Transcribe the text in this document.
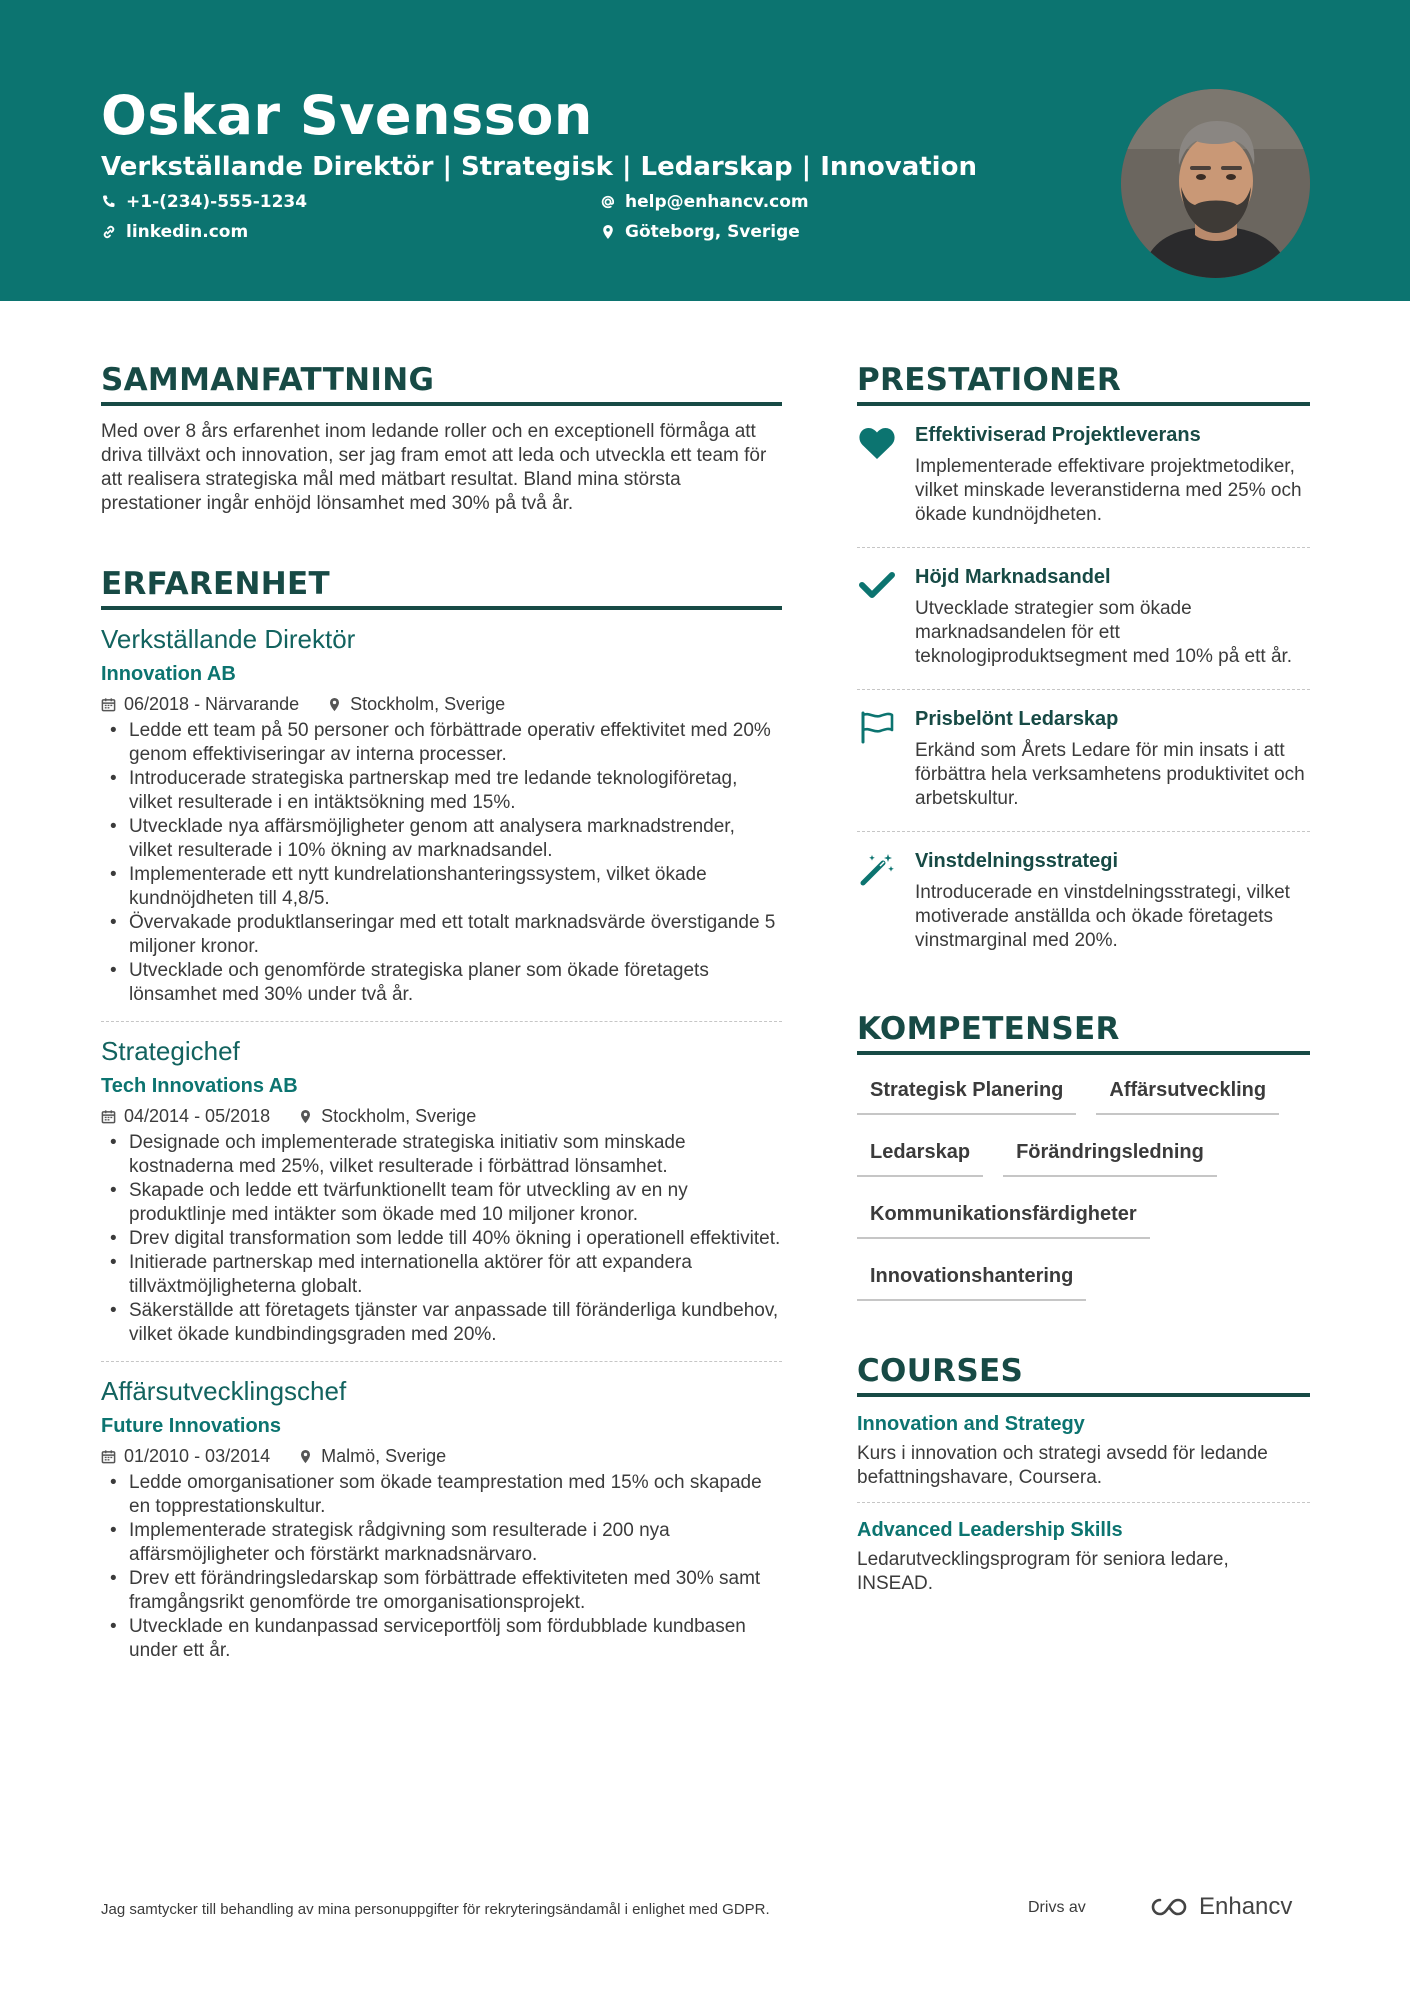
Oskar Svensson
Verkställande Direktör | Strategisk | Ledarskap | Innovation
+1-(234)-555-1234
linkedin.com
help@enhancv.com
Göteborg, Sverige
SAMMANFATTNING

Med over 8 års erfarenhet inom ledande roller och en exceptionell förmåga att driva tillväxt och innovation, ser jag fram emot att leda och utveckla ett team för att realisera strategiska mål med mätbart resultat. Bland mina största prestationer ingår enhöjd lönsamhet med 30% på två år.

ERFARENHET
Verkställande Direktör
Innovation AB
06/2018 - Närvarande	Stockholm, Sverige
• Ledde ett team på 50 personer och förbättrade operativ effektivitet med 20% genom effektiviseringar av interna processer.
• Introducerade strategiska partnerskap med tre ledande teknologiföretag, vilket resulterade i en intäktsökning med 15%.
• Utvecklade nya affärsmöjligheter genom att analysera marknadstrender, vilket resulterade i 10% ökning av marknadsandel.
• Implementerade ett nytt kundrelationshanteringssystem, vilket ökade kundnöjdheten till 4,8/5.
• Övervakade produktlanseringar med ett totalt marknadsvärde överstigande 5 miljoner kronor.
• Utvecklade och genomförde strategiska planer som ökade företagets lönsamhet med 30% under två år.
Strategichef
Tech Innovations AB
04/2014 - 05/2018	Stockholm, Sverige
• Designade och implementerade strategiska initiativ som minskade kostnaderna med 25%, vilket resulterade i förbättrad lönsamhet.
• Skapade och ledde ett tvärfunktionellt team för utveckling av en ny produktlinje med intäkter som ökade med 10 miljoner kronor.
• Drev digital transformation som ledde till 40% ökning i operationell effektivitet.
• Initierade partnerskap med internationella aktörer för att expandera tillväxtmöjligheterna globalt.
• Säkerställde att företagets tjänster var anpassade till föränderliga kundbehov, vilket ökade kundbindingsgraden med 20%.
Affärsutvecklingschef
Future Innovations
01/2010 - 03/2014	Malmö, Sverige
• Ledde omorganisationer som ökade teamprestation med 15% och skapade en topprestationskultur.
• Implementerade strategisk rådgivning som resulterade i 200 nya affärsmöjligheter och förstärkt marknadsnärvaro.
• Drev ett förändringsledarskap som förbättrade effektiviteten med 30% samt framgångsrikt genomförde tre omorganisationsprojekt.
• Utvecklade en kundanpassad serviceportfölj som fördubblade kundbasen under ett år.
PRESTATIONER
Effektiviserad Projektleverans
Implementerade effektivare projektmetodiker, vilket minskade leveranstiderna med 25% och ökade kundnöjdheten.
Höjd Marknadsandel
Utvecklade strategier som ökade marknadsandelen för ett teknologiproduktsegment med 10% på ett år.
Prisbelönt Ledarskap
Erkänd som Årets Ledare för min insats i att förbättra hela verksamhetens produktivitet och arbetskultur.
Vinstdelningsstrategi
Introducerade en vinstdelningsstrategi, vilket motiverade anställda och ökade företagets vinstmarginal med 20%.
KOMPETENSER
Strategisk Planering	Affärsutveckling
Ledarskap	Förändringsledning
Kommunikationsfärdigheter
Innovationshantering
COURSES
Innovation and Strategy
Kurs i innovation och strategi avsedd för ledande befattningshavare, Coursera.
Advanced Leadership Skills
Ledarutvecklingsprogram för seniora ledare, INSEAD.
Jag samtycker till behandling av mina personuppgifter för rekryteringsändamål i enlighet med GDPR.	Drivs av	Enhancv
